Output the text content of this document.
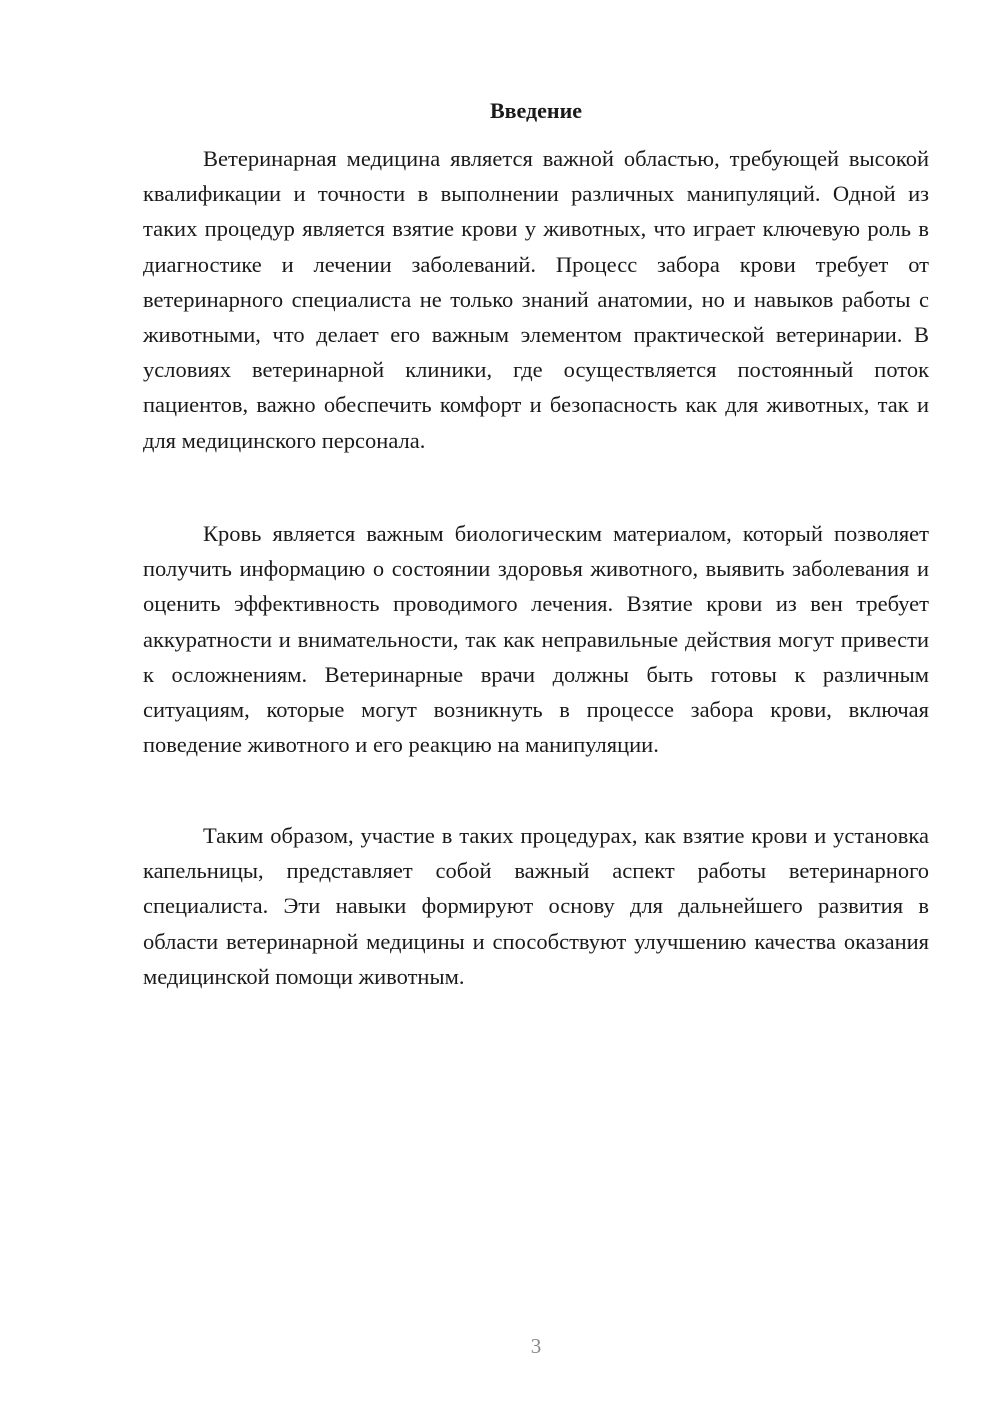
Введение

Ветеринарная медицина является важной областью, требующей высокой квалификации и точности в выполнении различных манипуляций. Одной из таких процедур является взятие крови у животных, что играет ключевую роль в диагностике и лечении заболеваний. Процесс забора крови требует от ветеринарного специалиста не только знаний анатомии, но и навыков работы с животными, что делает его важным элементом практической ветеринарии. В условиях ветеринарной клиники, где осуществляется постоянный поток пациентов, важно обеспечить комфорт и безопасность как для животных, так и для медицинского персонала.

Кровь является важным биологическим материалом, который позволяет получить информацию о состоянии здоровья животного, выявить заболевания и оценить эффективность проводимого лечения. Взятие крови из вен требует аккуратности и внимательности, так как неправильные действия могут привести к осложнениям. Ветеринарные врачи должны быть готовы к различным ситуациям, которые могут возникнуть в процессе забора крови, включая поведение животного и его реакцию на манипуляции.

Таким образом, участие в таких процедурах, как взятие крови и установка капельницы, представляет собой важный аспект работы ветеринарного специалиста. Эти навыки формируют основу для дальнейшего развития в области ветеринарной медицины и способствуют улучшению качества оказания медицинской помощи животным.

3
